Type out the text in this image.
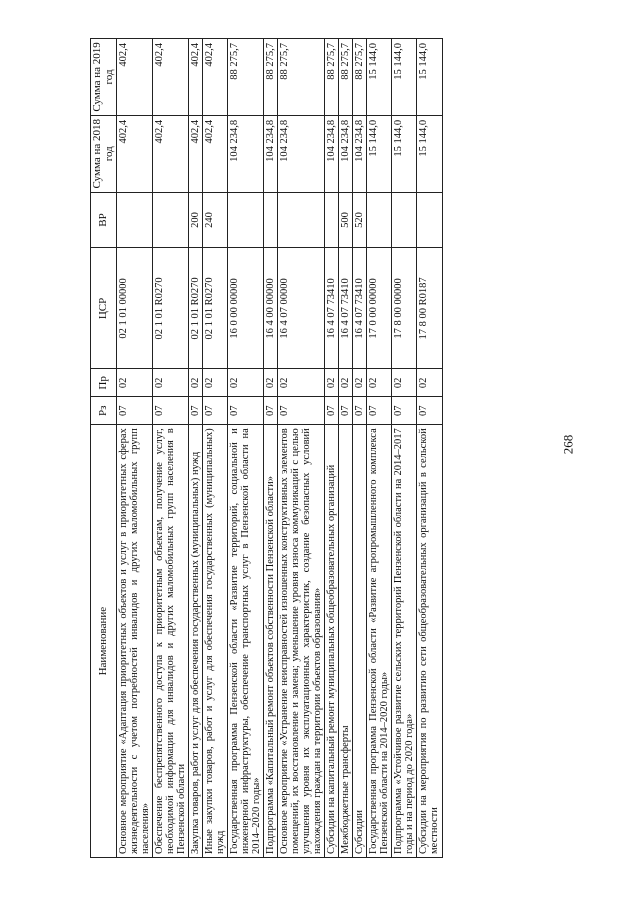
268
Наименование	Рз	Пр	ЦСР	ВР	Сумма на 2018 год	Сумма на 2019 год
Основное мероприятие «Адаптация приоритетных объектов и услуг в приоритетных сферах жизнедеятельности с учетом потребностей инвалидов и других маломобильных групп населения»	07	02	02 1 01 00000		402,4	402,4
Обеспечение беспрепятственного доступа к приоритетным объектам, получение услуг, необходимой информации для инвалидов и других маломобильных групп населения в Пензенской области	07	02	02 1 01 R0270		402,4	402,4
Закупка товаров, работ и услуг для обеспечения государственных (муниципальных) нужд	07	02	02 1 01 R0270	200	402,4	402,4
Иные закупки товаров, работ и услуг для обеспечения государственных (муниципальных) нужд	07	02	02 1 01 R0270	240	402,4	402,4
Государственная программа Пензенской области «Развитие территорий, социальной и инженерной инфраструктуры, обеспечение транспортных услуг в Пензенской области на 2014–2020 годы»	07	02	16 0 00 00000		104 234,8	88 275,7
Подпрограмма «Капитальный ремонт объектов собственности Пензенской области»	07	02	16 4 00 00000		104 234,8	88 275,7
Основное мероприятие «Устранение неисправностей изношенных конструктивных элементов помещений, их восстановление и замена; уменьшение уровня износа коммуникаций с целью улучшения уровня их эксплуатационных характеристик, создание безопасных условий нахождения граждан на территории объектов образования»	07	02	16 4 07 00000		104 234,8	88 275,7
Субсидии на капитальный ремонт муниципальных общеобразовательных организаций	07	02	16 4 07 73410		104 234,8	88 275,7
Межбюджетные трансферты	07	02	16 4 07 73410	500	104 234,8	88 275,7
Субсидии	07	02	16 4 07 73410	520	104 234,8	88 275,7
Государственная программа Пензенской области «Развитие агропромышленного комплекса Пензенской области на 2014–2020 годы»	07	02	17 0 00 00000		15 144,0	15 144,0
Подпрограмма «Устойчивое развитие сельских территорий Пензенской области на 2014–2017 годы и на период до 2020 года»	07	02	17 8 00 00000		15 144,0	15 144,0
Субсидии на мероприятия по развитию сети общеобразовательных организаций в сельской местности	07	02	17 8 00 R0187		15 144,0	15 144,0
